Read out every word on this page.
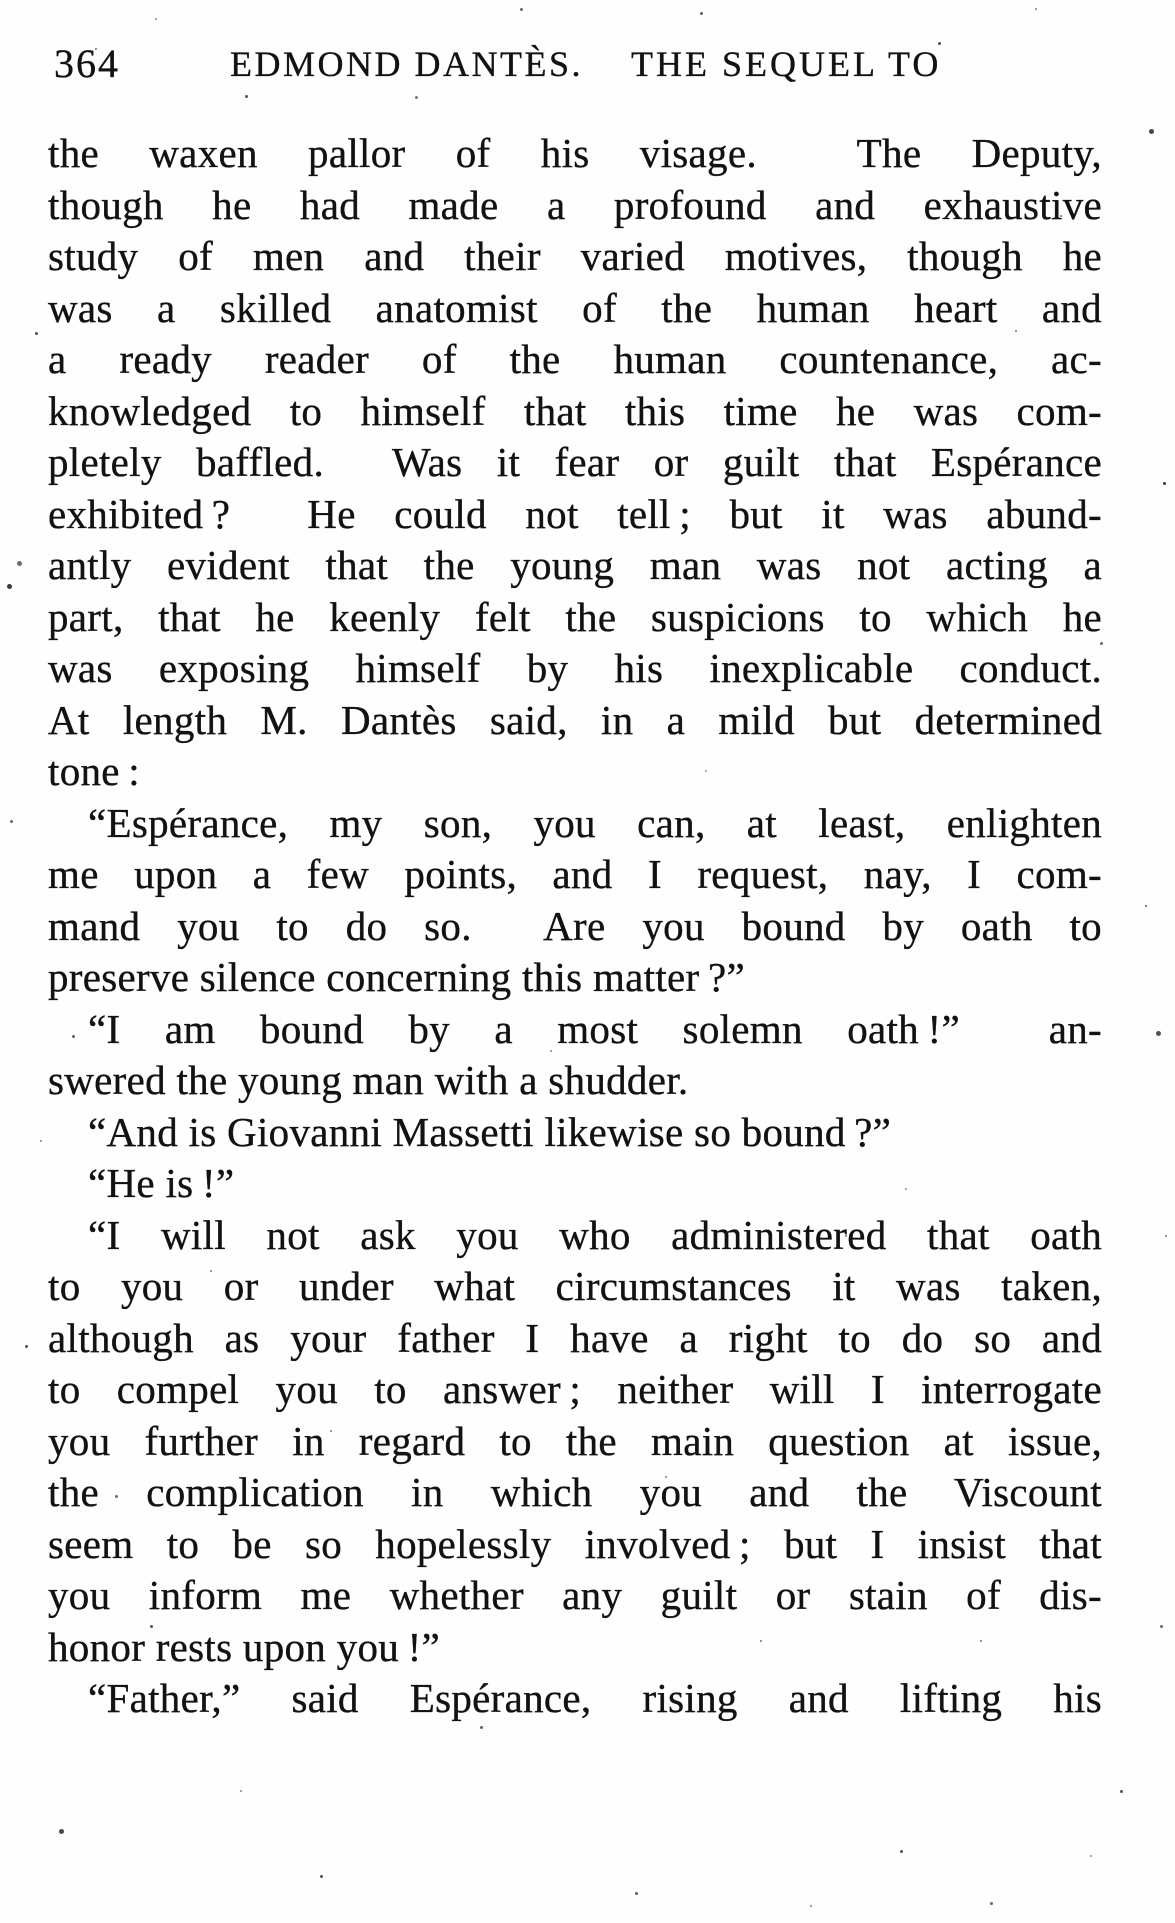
364	EDMOND DANTÈS. THE SEQUEL TO
the waxen pallor of his visage.  The Deputy,
though he had made a profound and exhaustive
study of men and their varied motives, though he
was a skilled anatomist of the human heart and
a ready reader of the human countenance, ac-
knowledged to himself that this time he was com-
pletely baffled.  Was it fear or guilt that Espérance
exhibited ?  He could not tell ; but it was abund-
antly evident that the young man was not acting a
part, that he keenly felt the suspicions to which he
was exposing himself by his inexplicable conduct.
At length M. Dantès said, in a mild but determined
tone :
“Espérance, my son, you can, at least, enlighten
me upon a few points, and I request, nay, I com-
mand you to do so.  Are you bound by oath to
preserve silence concerning this matter ?”
“I am bound by a most solemn oath !”  an-
swered the young man with a shudder.
“And is Giovanni Massetti likewise so bound ?”
“He is !”
“I will not ask you who administered that oath
to you or under what circumstances it was taken,
although as your father I have a right to do so and
to compel you to answer ; neither will I interrogate
you further in regard to the main question at issue,
the complication in which you and the Viscount
seem to be so hopelessly involved ; but I insist that
you inform me whether any guilt or stain of dis-
honor rests upon you !”
“Father,” said Espérance, rising and lifting his
